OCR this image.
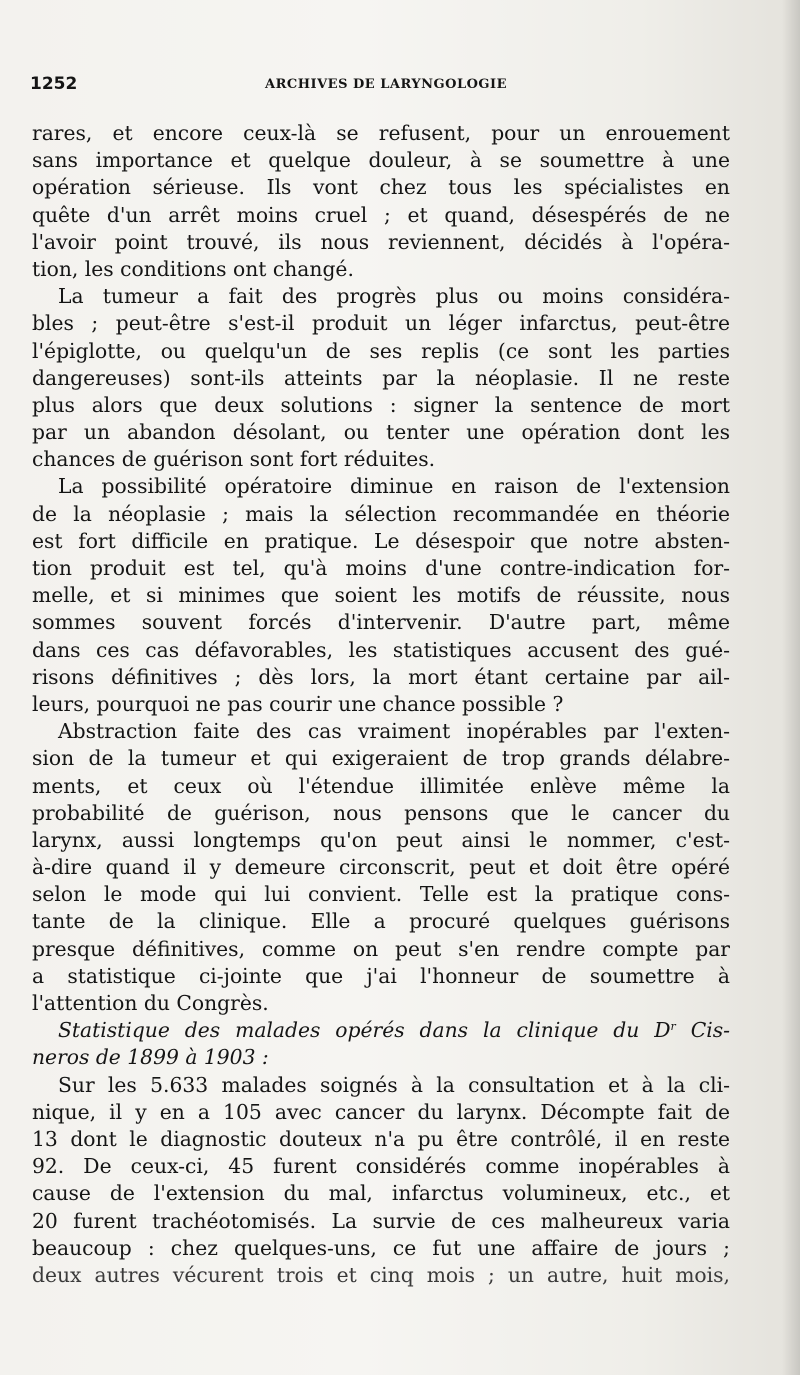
1252	ARCHIVES DE LARYNGOLOGIE
rares, et encore ceux-là se refusent, pour un enrouement
sans importance et quelque douleur, à se soumettre à une
opération sérieuse. Ils vont chez tous les spécialistes en
quête d'un arrêt moins cruel ; et quand, désespérés de ne
l'avoir point trouvé, ils nous reviennent, décidés à l'opéra-
tion, les conditions ont changé.
La tumeur a fait des progrès plus ou moins considéra-
bles ; peut-être s'est-il produit un léger infarctus, peut-être
l'épiglotte, ou quelqu'un de ses replis (ce sont les parties
dangereuses) sont-ils atteints par la néoplasie. Il ne reste
plus alors que deux solutions : signer la sentence de mort
par un abandon désolant, ou tenter une opération dont les
chances de guérison sont fort réduites.
La possibilité opératoire diminue en raison de l'extension
de la néoplasie ; mais la sélection recommandée en théorie
est fort difficile en pratique. Le désespoir que notre absten-
tion produit est tel, qu'à moins d'une contre-indication for-
melle, et si minimes que soient les motifs de réussite, nous
sommes souvent forcés d'intervenir. D'autre part, même
dans ces cas défavorables, les statistiques accusent des gué-
risons définitives ; dès lors, la mort étant certaine par ail-
leurs, pourquoi ne pas courir une chance possible ?
Abstraction faite des cas vraiment inopérables par l'exten-
sion de la tumeur et qui exigeraient de trop grands délabre-
ments, et ceux où l'étendue illimitée enlève même la
probabilité de guérison, nous pensons que le cancer du
larynx, aussi longtemps qu'on peut ainsi le nommer, c'est-
à-dire quand il y demeure circonscrit, peut et doit être opéré
selon le mode qui lui convient. Telle est la pratique cons-
tante de la clinique. Elle a procuré quelques guérisons
presque définitives, comme on peut s'en rendre compte par
a statistique ci-jointe que j'ai l'honneur de soumettre à
l'attention du Congrès.
Statistique des malades opérés dans la clinique du $D^r$ Cis-
neros de 1899 à 1903 :
Sur les 5.633 malades soignés à la consultation et à la cli-
nique, il y en a 105 avec cancer du larynx. Décompte fait de
13 dont le diagnostic douteux n'a pu être contrôlé, il en reste
92. De ceux-ci, 45 furent considérés comme inopérables à
cause de l'extension du mal, infarctus volumineux, etc., et
20 furent trachéotomisés. La survie de ces malheureux varia
beaucoup : chez quelques-uns, ce fut une affaire de jours ;
deux autres vécurent trois et cinq mois ; un autre, huit mois,
